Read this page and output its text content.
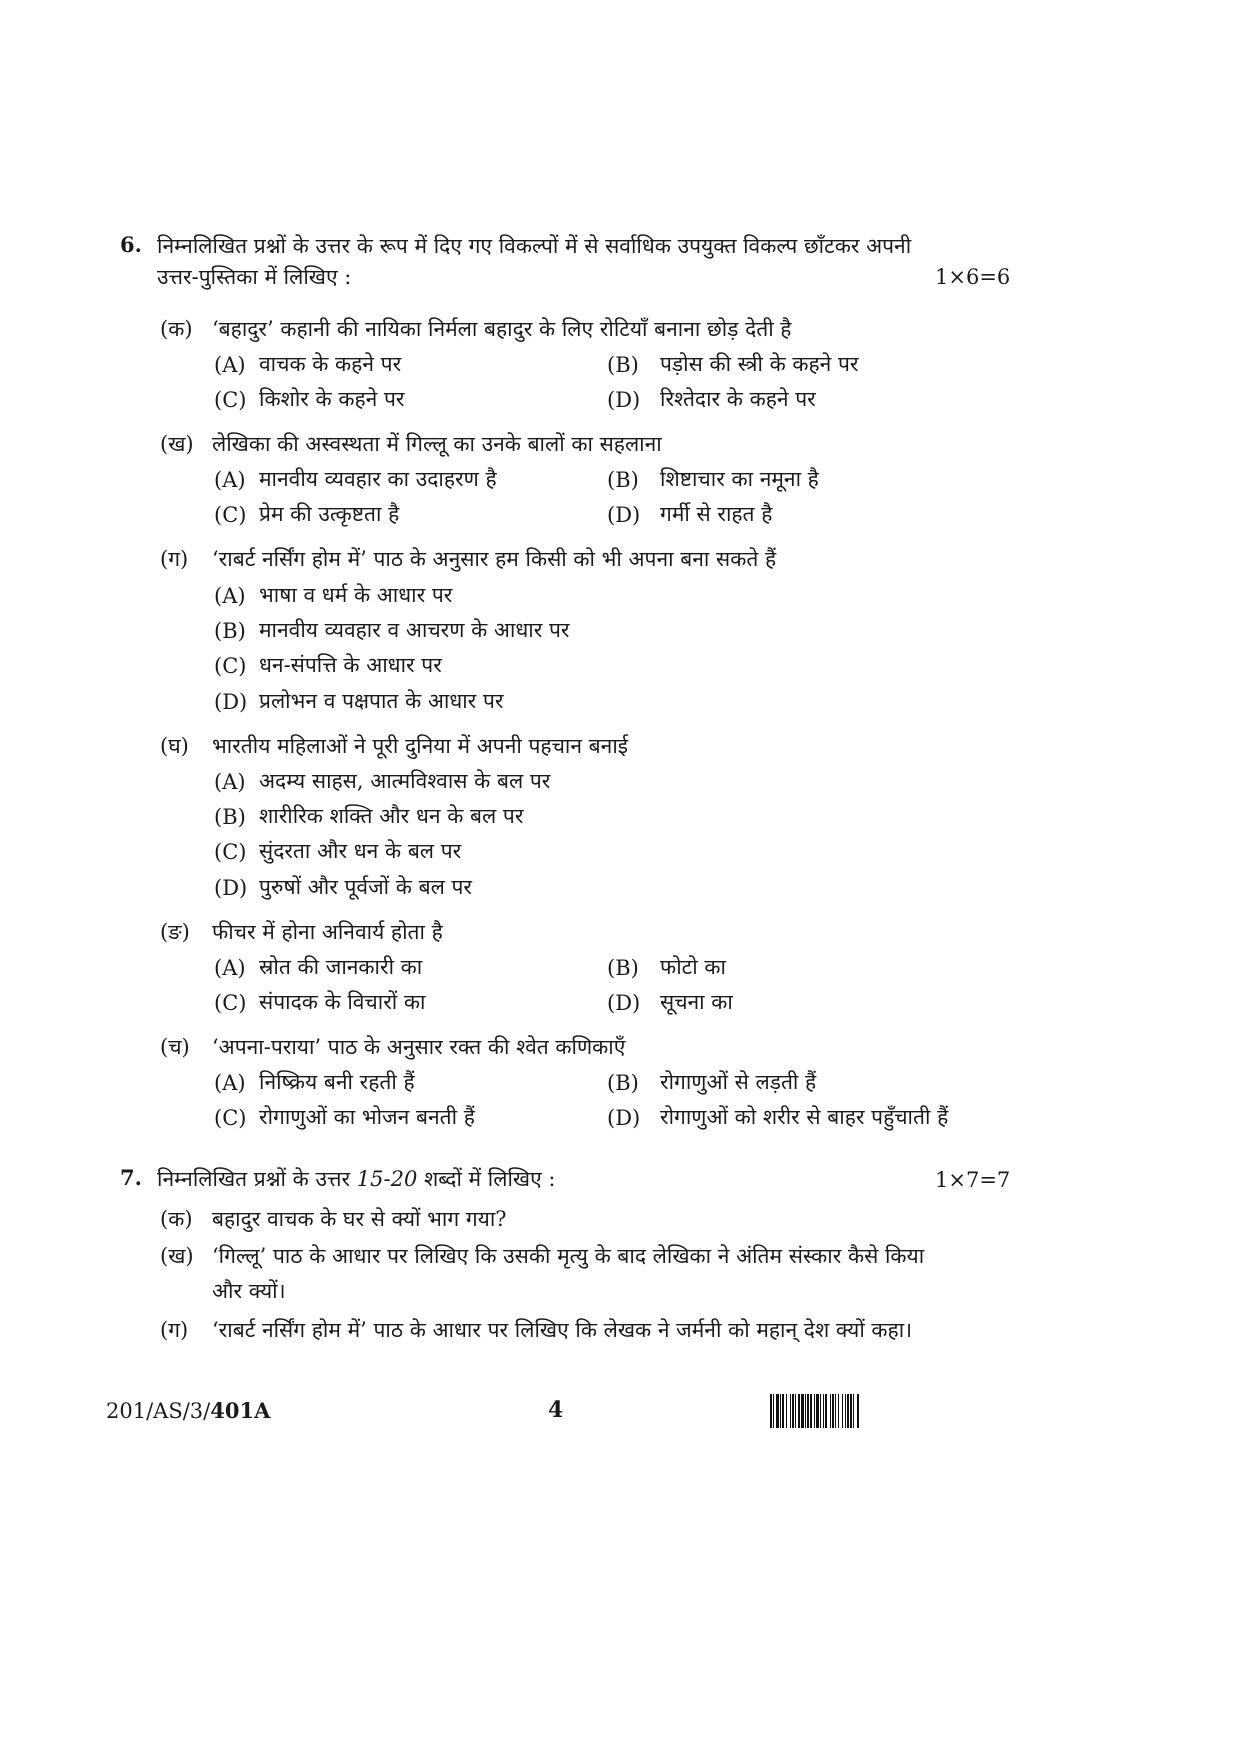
6. निम्नलिखित प्रश्नों के उत्तर के रूप में दिए गए विकल्पों में से सर्वाधिक उपयुक्त विकल्प छाँटकर अपनी
उत्तर-पुस्तिका में लिखिए :	1×6=6
(क) ‘बहादुर’ कहानी की नायिका निर्मला बहादुर के लिए रोटियाँ बनाना छोड़ देती है
(A) वाचक के कहने पर	(B) पड़ोस की स्त्री के कहने पर
(C) किशोर के कहने पर	(D) रिश्तेदार के कहने पर
(ख) लेखिका की अस्वस्थता में गिल्लू का उनके बालों का सहलाना
(A) मानवीय व्यवहार का उदाहरण है	(B) शिष्टाचार का नमूना है
(C) प्रेम की उत्कृष्टता है	(D) गर्मी से राहत है
(ग) ‘राबर्ट नर्सिंग होम में’ पाठ के अनुसार हम किसी को भी अपना बना सकते हैं
(A) भाषा व धर्म के आधार पर
(B) मानवीय व्यवहार व आचरण के आधार पर
(C) धन-संपत्ति के आधार पर
(D) प्रलोभन व पक्षपात के आधार पर
(घ) भारतीय महिलाओं ने पूरी दुनिया में अपनी पहचान बनाई
(A) अदम्य साहस, आत्मविश्वास के बल पर
(B) शारीरिक शक्ति और धन के बल पर
(C) सुंदरता और धन के बल पर
(D) पुरुषों और पूर्वजों के बल पर
(ङ) फीचर में होना अनिवार्य होता है
(A) स्रोत की जानकारी का	(B) फोटो का
(C) संपादक के विचारों का	(D) सूचना का
(च) ‘अपना-पराया’ पाठ के अनुसार रक्त की श्वेत कणिकाएँ
(A) निष्क्रिय बनी रहती हैं	(B) रोगाणुओं से लड़ती हैं
(C) रोगाणुओं का भोजन बनती हैं	(D) रोगाणुओं को शरीर से बाहर पहुँचाती हैं
7. निम्नलिखित प्रश्नों के उत्तर 15-20 शब्दों में लिखिए :	1×7=7
(क) बहादुर वाचक के घर से क्यों भाग गया?
(ख) ‘गिल्लू’ पाठ के आधार पर लिखिए कि उसकी मृत्यु के बाद लेखिका ने अंतिम संस्कार कैसे किया
और क्यों।
(ग) ‘राबर्ट नर्सिंग होम में’ पाठ के आधार पर लिखिए कि लेखक ने जर्मनी को महान् देश क्यों कहा।
201/AS/3/401A	4
